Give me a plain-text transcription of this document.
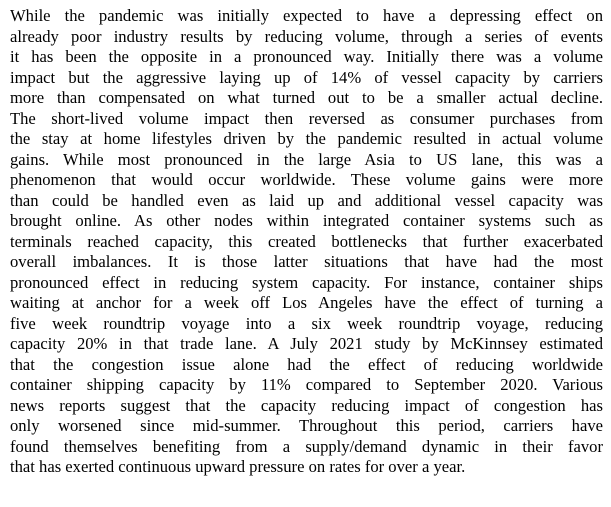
While the pandemic was initially expected to have a depressing effect on
already poor industry results by reducing volume, through a series of events
it has been the opposite in a pronounced way. Initially there was a volume
impact but the aggressive laying up of 14% of vessel capacity by carriers
more than compensated on what turned out to be a smaller actual decline.
The short-lived volume impact then reversed as consumer purchases from
the stay at home lifestyles driven by the pandemic resulted in actual volume
gains. While most pronounced in the large Asia to US lane, this was a
phenomenon that would occur worldwide. These volume gains were more
than could be handled even as laid up and additional vessel capacity was
brought online. As other nodes within integrated container systems such as
terminals reached capacity, this created bottlenecks that further exacerbated
overall imbalances. It is those latter situations that have had the most
pronounced effect in reducing system capacity. For instance, container ships
waiting at anchor for a week off Los Angeles have the effect of turning a
five week roundtrip voyage into a six week roundtrip voyage, reducing
capacity 20% in that trade lane. A July 2021 study by McKinnsey estimated
that the congestion issue alone had the effect of reducing worldwide
container shipping capacity by 11% compared to September 2020. Various
news reports suggest that the capacity reducing impact of congestion has
only worsened since mid-summer. Throughout this period, carriers have
found themselves benefiting from a supply/demand dynamic in their favor
that has exerted continuous upward pressure on rates for over a year.
